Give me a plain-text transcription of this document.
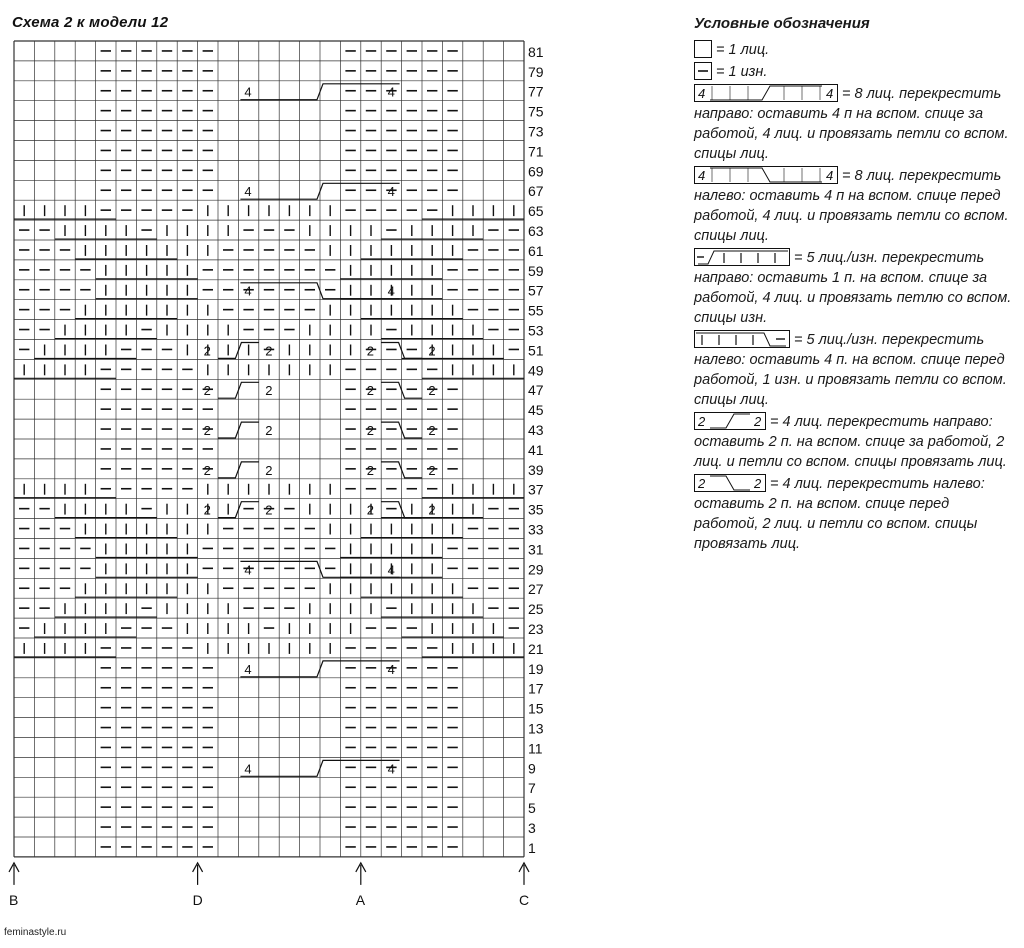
Схема 2 к модели 12
4	4
4	4
4	4
4	4
4	4
4	4
2	2	2	2
2	2	2	2
2	2	2	2
2	2	2	2
2	2	2	2
81
79
77
75
73
71
69
67
65
63
61
59
57
55
53
51
49
47
45
43
41
39
37
35
33
31
29
27
25
23
21
19
17
15
13
11
9
7
5
3
1
B	D	A	C
Условные обозначения
= 1 лиц.
= 1 изн.
4	4 = 8 лиц. перекрестить направо: оставить 4 п на вспом. спице за работой, 4 лиц. и провязать петли со вспом. спицы лиц.
4	4 = 8 лиц. перекрестить налево: оставить 4 п на вспом. спице перед работой, 4 лиц. и провязать петли со вспом. спицы лиц.
= 5 лиц./изн. перекрестить направо: оставить 1 п. на вспом. спице за работой, 4 лиц. и провязать петлю со вспом. спицы изн.
= 5 лиц./изн. перекрестить налево: оставить 4 п. на вспом. спице перед работой, 1 изн. и провязать петли со вспом. спицы лиц.
2	2 = 4 лиц. перекрестить направо: оставить 2 п. на вспом. спице за работой, 2 лиц. и петли со вспом. спицы провязать лиц.
2	2 = 4 лиц. перекрестить налево: оставить 2 п. на вспом. спице перед работой, 2 лиц. и петли со вспом. спицы провязать лиц.
feminastyle.ru
